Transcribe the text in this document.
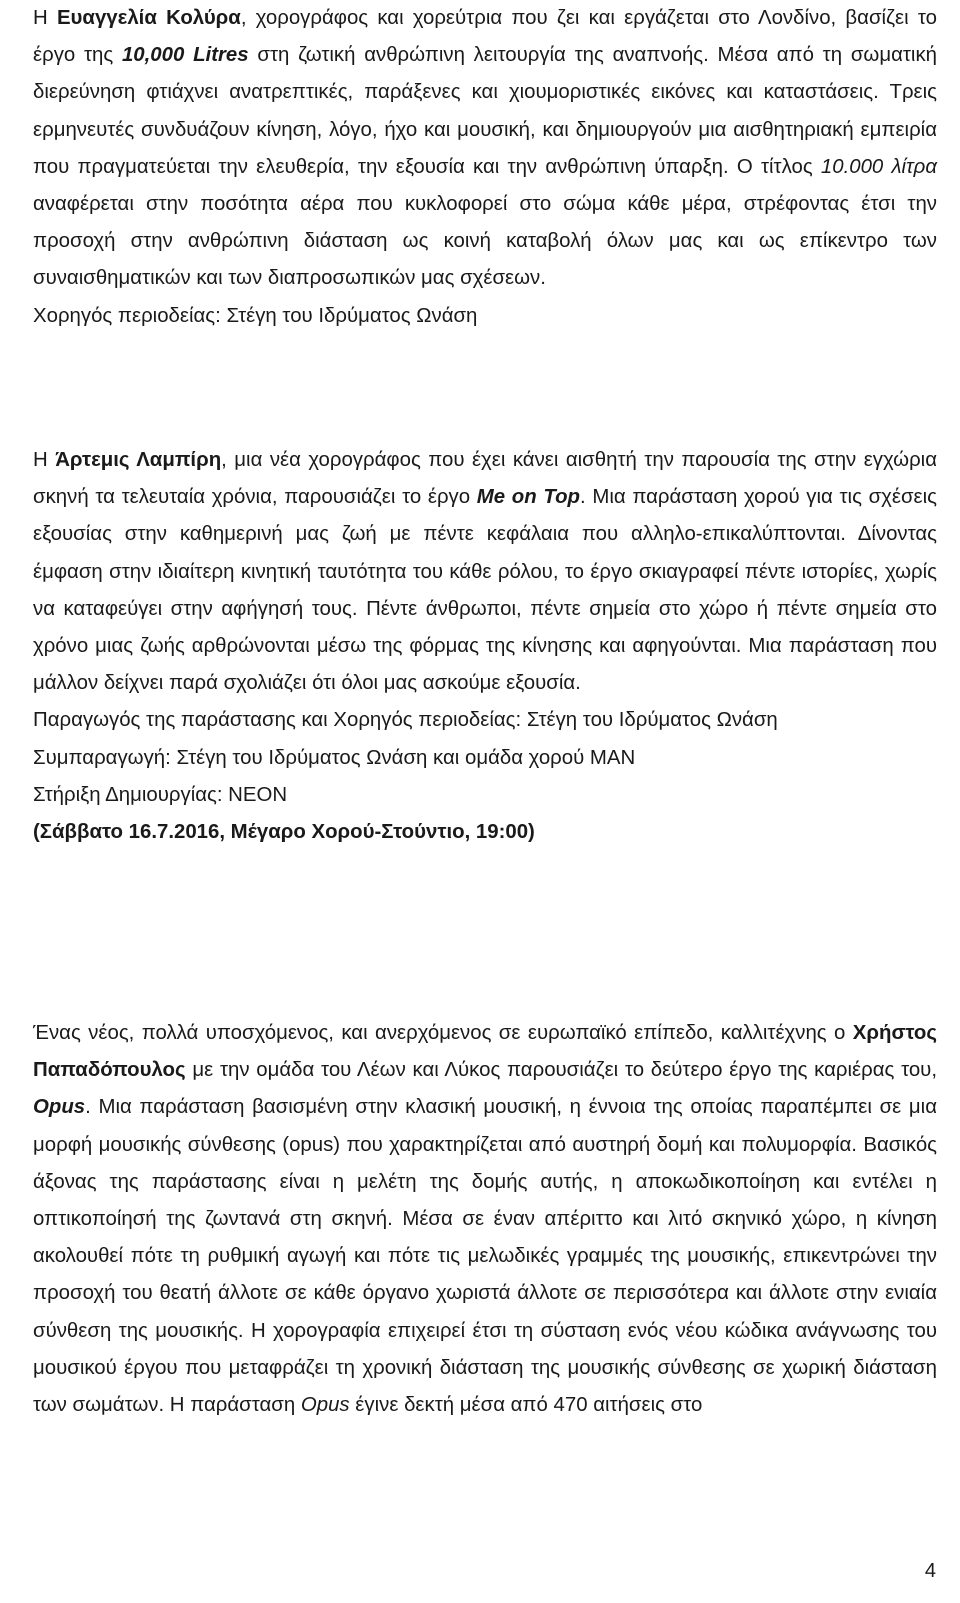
Η Ευαγγελία Κολύρα, χορογράφος και χορεύτρια που ζει και εργάζεται στο Λονδίνο, βασίζει το έργο της 10,000 Litres στη ζωτική ανθρώπινη λειτουργία της αναπνοής. Μέσα από τη σωματική διερεύνηση φτιάχνει ανατρεπτικές, παράξενες και χιουμοριστικές εικόνες και καταστάσεις. Τρεις ερμηνευτές συνδυάζουν κίνηση, λόγο, ήχο και μουσική, και δημιουργούν μια αισθητηριακή εμπειρία που πραγματεύεται την ελευθερία, την εξουσία και την ανθρώπινη ύπαρξη. Ο τίτλος 10.000 λίτρα αναφέρεται στην ποσότητα αέρα που κυκλοφορεί στο σώμα κάθε μέρα, στρέφοντας έτσι την προσοχή στην ανθρώπινη διάσταση ως κοινή καταβολή όλων μας και ως επίκεντρο των συναισθηματικών και των διαπροσωπικών μας σχέσεων.

Χορηγός περιοδείας: Στέγη του Ιδρύματος Ωνάση

Η Άρτεμις Λαμπίρη, μια νέα χορογράφος που έχει κάνει αισθητή την παρουσία της στην εγχώρια σκηνή τα τελευταία χρόνια, παρουσιάζει το έργο Me on Top. Μια παράσταση χορού για τις σχέσεις εξουσίας στην καθημερινή μας ζωή με πέντε κεφάλαια που αλληλο-επικαλύπτονται. Δίνοντας έμφαση στην ιδιαίτερη κινητική ταυτότητα του κάθε ρόλου, το έργο σκιαγραφεί πέντε ιστορίες, χωρίς να καταφεύγει στην αφήγησή τους. Πέντε άνθρωποι, πέντε σημεία στο χώρο ή πέντε σημεία στο χρόνο μιας ζωής αρθρώνονται μέσω της φόρμας της κίνησης και αφηγούνται. Μια παράσταση που μάλλον δείχνει παρά σχολιάζει ότι όλοι μας ασκούμε εξουσία.

Παραγωγός της παράστασης και Χορηγός περιοδείας: Στέγη του Ιδρύματος Ωνάση

Συμπαραγωγή: Στέγη του Ιδρύματος Ωνάση και ομάδα χορού MAN

Στήριξη Δημιουργίας: ΝΕΟΝ

(Σάββατο 16.7.2016, Μέγαρο Χορού-Στούντιο, 19:00)

Ένας νέος, πολλά υποσχόμενος, και ανερχόμενος σε ευρωπαϊκό επίπεδο, καλλιτέχνης ο Χρήστος Παπαδόπουλος με την ομάδα του Λέων και Λύκος παρουσιάζει το δεύτερο έργο της καριέρας του, Opus. Μια παράσταση βασισμένη στην κλασική μουσική, η έννοια της οποίας παραπέμπει σε μια μορφή μουσικής σύνθεσης (opus) που χαρακτηρίζεται από αυστηρή δομή και πολυμορφία. Βασικός άξονας της παράστασης είναι η μελέτη της δομής αυτής, η αποκωδικοποίηση και εντέλει η οπτικοποίησή της ζωντανά στη σκηνή. Μέσα σε έναν απέριττο και λιτό σκηνικό χώρο, η κίνηση ακολουθεί πότε τη ρυθμική αγωγή και πότε τις μελωδικές γραμμές της μουσικής, επικεντρώνει την προσοχή του θεατή άλλοτε σε κάθε όργανο χωριστά άλλοτε σε περισσότερα και άλλοτε στην ενιαία σύνθεση της μουσικής. Η χορογραφία επιχειρεί έτσι τη σύσταση ενός νέου κώδικα ανάγνωσης του μουσικού έργου που μεταφράζει τη χρονική διάσταση της μουσικής σύνθεσης σε χωρική διάσταση των σωμάτων. Η παράσταση Opus έγινε δεκτή μέσα από 470 αιτήσεις στο

4
